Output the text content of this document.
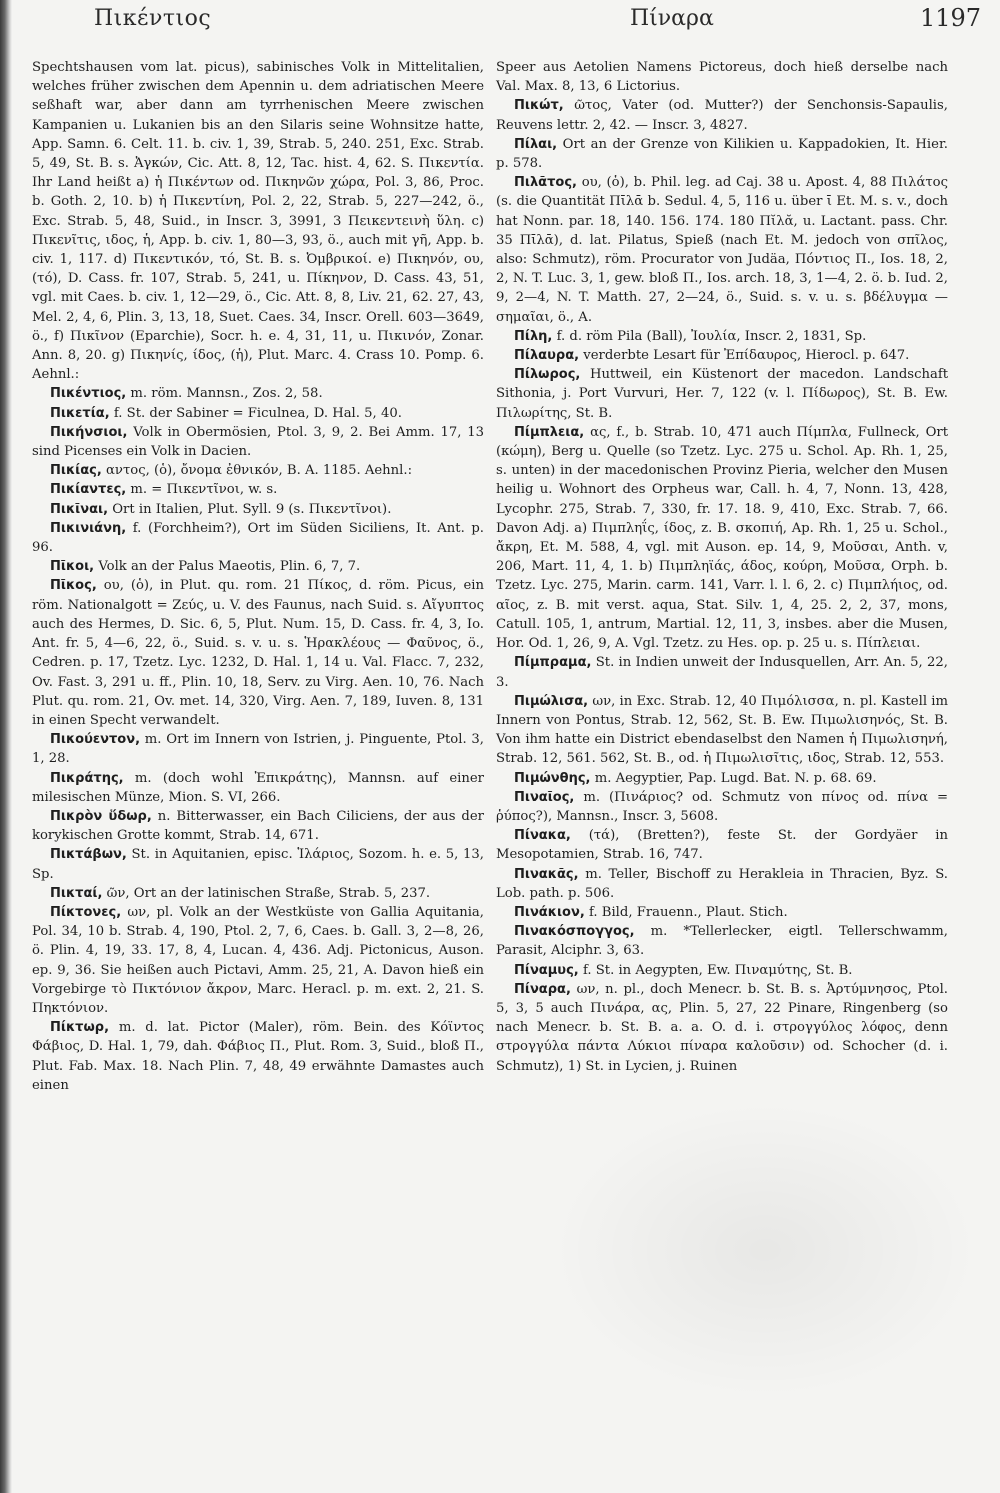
Πικέντιος	Πίναρα	1197

Spechtshausen vom lat. picus), sabinisches Volk in Mittelitalien, welches früher zwischen dem Apennin u. dem adriatischen Meere seßhaft war, aber dann am tyrrhenischen Meere zwischen Kampanien u. Lukanien bis an den Silaris seine Wohnsitze hatte, App. Samn. 6. Celt. 11. b. civ. 1, 39, Strab. 5, 240. 251, Exc. Strab. 5, 49, St. B. s. Ἀγκών, Cic. Att. 8, 12, Tac. hist. 4, 62. S. Πικεντία. Ihr Land heißt a) ἡ Πικέντων od. Πικηνῶν χώρα, Pol. 3, 86, Proc. b. Goth. 2, 10. b) ἡ Πικεντίνη, Pol. 2, 22, Strab. 5, 227—242, ö., Exc. Strab. 5, 48, Suid., in Inscr. 3, 3991, 3 Πεικεντεινὴ ὕλη. c) Πικενῖτις, ιδος, ἡ, App. b. civ. 1, 80—3, 93, ö., auch mit γῆ, App. b. civ. 1, 117. d) Πικεντικόν, τό, St. B. s. Ὀμβρικοί. e) Πικηνόν, ου, (τό), D. Cass. fr. 107, Strab. 5, 241, u. Πίκηνον, D. Cass. 43, 51, vgl. mit Caes. b. civ. 1, 12—29, ö., Cic. Att. 8, 8, Liv. 21, 62. 27, 43, Mel. 2, 4, 6, Plin. 3, 13, 18, Suet. Caes. 34, Inscr. Orell. 603—3649, ö., f) Πικῖνον (Eparchie), Socr. h. e. 4, 31, 11, u. Πικινόν, Zonar. Ann. 8, 20. g) Πικηνίς, ίδος, (ἡ), Plut. Marc. 4. Crass 10. Pomp. 6. Aehnl.:

Πικέντιος, m. röm. Mannsn., Zos. 2, 58.

Πικετία, f. St. der Sabiner = Ficulnea, D. Hal. 5, 40.

Πικήνσιοι, Volk in Obermösien, Ptol. 3, 9, 2. Bei Amm. 17, 13 sind Picenses ein Volk in Dacien.

Πικίας, αντος, (ὁ), ὄνομα ἐθνικόν, B. A. 1185. Aehnl.:

Πικίαντες, m. = Πικεντῖνοι, w. s.

Πικῖναι, Ort in Italien, Plut. Syll. 9 (s. Πικεντῖνοι).

Πικινιάνη, f. (Forchheim?), Ort im Süden Siciliens, It. Ant. p. 96.

Πῖκοι, Volk an der Palus Maeotis, Plin. 6, 7, 7.

Πῖκος, ου, (ὁ), in Plut. qu. rom. 21 Πίκος, d. röm. Picus, ein röm. Nationalgott = Ζεύς, u. V. des Faunus, nach Suid. s. Αἴγυπτος auch des Hermes, D. Sic. 6, 5, Plut. Num. 15, D. Cass. fr. 4, 3, Io. Ant. fr. 5, 4—6, 22, ö., Suid. s. v. u. s. Ἡρακλέους — Φαῦνος, ö., Cedren. p. 17, Tzetz. Lyc. 1232, D. Hal. 1, 14 u. Val. Flacc. 7, 232, Ov. Fast. 3, 291 u. ff., Plin. 10, 18, Serv. zu Virg. Aen. 10, 76. Nach Plut. qu. rom. 21, Ov. met. 14, 320, Virg. Aen. 7, 189, Iuven. 8, 131 in einen Specht verwandelt.

Πικούεντον, m. Ort im Innern von Istrien, j. Pinguente, Ptol. 3, 1, 28.

Πικράτης, m. (doch wohl Ἐπικράτης), Mannsn. auf einer milesischen Münze, Mion. S. VI, 266.

Πικρὸν ὕδωρ, n. Bitterwasser, ein Bach Ciliciens, der aus der korykischen Grotte kommt, Strab. 14, 671.

Πικτάβων, St. in Aquitanien, episc. Ἱλάριος, Sozom. h. e. 5, 13, Sp.

Πικταί, ῶν, Ort an der latinischen Straße, Strab. 5, 237.

Πίκτονες, ων, pl. Volk an der Westküste von Gallia Aquitania, Pol. 34, 10 b. Strab. 4, 190, Ptol. 2, 7, 6, Caes. b. Gall. 3, 2—8, 26, ö. Plin. 4, 19, 33. 17, 8, 4, Lucan. 4, 436. Adj. Pictonicus, Auson. ep. 9, 36. Sie heißen auch Pictavi, Amm. 25, 21, A. Davon hieß ein Vorgebirge τὸ Πικτόνιον ἄκρον, Marc. Heracl. p. m. ext. 2, 21. S. Πηκτόνιον.

Πίκτωρ, m. d. lat. Pictor (Maler), röm. Bein. des Κόϊντος Φάβιος, D. Hal. 1, 79, dah. Φάβιος Π., Plut. Rom. 3, Suid., bloß Π., Plut. Fab. Max. 18. Nach Plin. 7, 48, 49 erwähnte Damastes auch einen

Speer aus Aetolien Namens Pictoreus, doch hieß derselbe nach Val. Max. 8, 13, 6 Lictorius.

Πικώτ, ῶτος, Vater (od. Mutter?) der Senchonsis-Sapaulis, Reuvens lettr. 2, 42. — Inscr. 3, 4827.

Πίλαι, Ort an der Grenze von Kilikien u. Kappadokien, It. Hier. p. 578.

Πιλᾶτος, ου, (ὁ), b. Phil. leg. ad Caj. 38 u. Apost. 4, 88 Πιλάτος (s. die Quantität Πῑλᾱ b. Sedul. 4, 5, 116 u. über ῑ Et. M. s. v., doch hat Nonn. par. 18, 140. 156. 174. 180 Πῐλᾰ, u. Lactant. pass. Chr. 35 Πῑλᾱ), d. lat. Pilatus, Spieß (nach Et. M. jedoch von σπῖλος, also: Schmutz), röm. Procurator von Judäa, Πόντιος Π., Ios. 18, 2, 2, N. T. Luc. 3, 1, gew. bloß Π., Ios. arch. 18, 3, 1—4, 2. ö. b. Iud. 2, 9, 2—4, N. T. Matth. 27, 2—24, ö., Suid. s. v. u. s. βδέλυγμα — σημαῖαι, ö., A.

Πίλη, f. d. röm Pila (Ball), Ἰουλία, Inscr. 2, 1831, Sp.

Πίλαυρα, verderbte Lesart für Ἐπίδαυρος, Hierocl. p. 647.

Πίλωρος, Huttweil, ein Küstenort der macedon. Landschaft Sithonia, j. Port Vurvuri, Her. 7, 122 (v. l. Πίδωρος), St. B. Ew. Πιλωρίτης, St. B.

Πίμπλεια, ας, f., b. Strab. 10, 471 auch Πίμπλα, Fullneck, Ort (κώμη), Berg u. Quelle (so Tzetz. Lyc. 275 u. Schol. Ap. Rh. 1, 25, s. unten) in der macedonischen Provinz Pieria, welcher den Musen heilig u. Wohnort des Orpheus war, Call. h. 4, 7, Nonn. 13, 428, Lycophr. 275, Strab. 7, 330, fr. 17. 18. 9, 410, Exc. Strab. 7, 66. Davon Adj. a) Πιμπληΐς, ίδος, z. B. σκοπιή, Ap. Rh. 1, 25 u. Schol., ἄκρη, Et. M. 588, 4, vgl. mit Auson. ep. 14, 9, Μοῦσαι, Anth. v, 206, Mart. 11, 4, 1. b) Πιμπληϊάς, άδος, κούρη, Μοῦσα, Orph. b. Tzetz. Lyc. 275, Marin. carm. 141, Varr. l. l. 6, 2. c) Πιμπλήιος, od. αῖος, z. B. mit verst. aqua, Stat. Silv. 1, 4, 25. 2, 2, 37, mons, Catull. 105, 1, antrum, Martial. 12, 11, 3, insbes. aber die Musen, Hor. Od. 1, 26, 9, A. Vgl. Tzetz. zu Hes. op. p. 25 u. s. Πίπλειαι.

Πίμπραμα, St. in Indien unweit der Indusquellen, Arr. An. 5, 22, 3.

Πιμώλισα, ων, in Exc. Strab. 12, 40 Πιμόλισσα, n. pl. Kastell im Innern von Pontus, Strab. 12, 562, St. B. Ew. Πιμωλισηνός, St. B. Von ihm hatte ein District ebendaselbst den Namen ἡ Πιμωλισηνή, Strab. 12, 561. 562, St. B., od. ἡ Πιμωλισῖτις, ιδος, Strab. 12, 553.

Πιμώνθης, m. Aegyptier, Pap. Lugd. Bat. N. p. 68. 69.

Πιναῖος, m. (Πινάριος? od. Schmutz von πίνος od. πίνα = ῥύπος?), Mannsn., Inscr. 3, 5608.

Πίνακα, (τά), (Bretten?), feste St. der Gordyäer in Mesopotamien, Strab. 16, 747.

Πινακᾶς, m. Teller, Bischoff zu Herakleia in Thracien, Byz. S. Lob. path. p. 506.

Πινάκιον, f. Bild, Frauenn., Plaut. Stich.

Πινακόσπογγος, m. *Tellerlecker, eigtl. Tellerschwamm, Parasit, Alciphr. 3, 63.

Πίναμυς, f. St. in Aegypten, Ew. Πιναμύτης, St. B.

Πίναρα, ων, n. pl., doch Menecr. b. St. B. s. Ἀρτύμνησος, Ptol. 5, 3, 5 auch Πινάρα, ας, Plin. 5, 27, 22 Pinare, Ringenberg (so nach Menecr. b. St. B. a. a. O. d. i. στρογγύλος λόφος, denn στρογγύλα πάντα Λύκιοι πίναρα καλοῦσιν) od. Schocher (d. i. Schmutz), 1) St. in Lycien, j. Ruinen
